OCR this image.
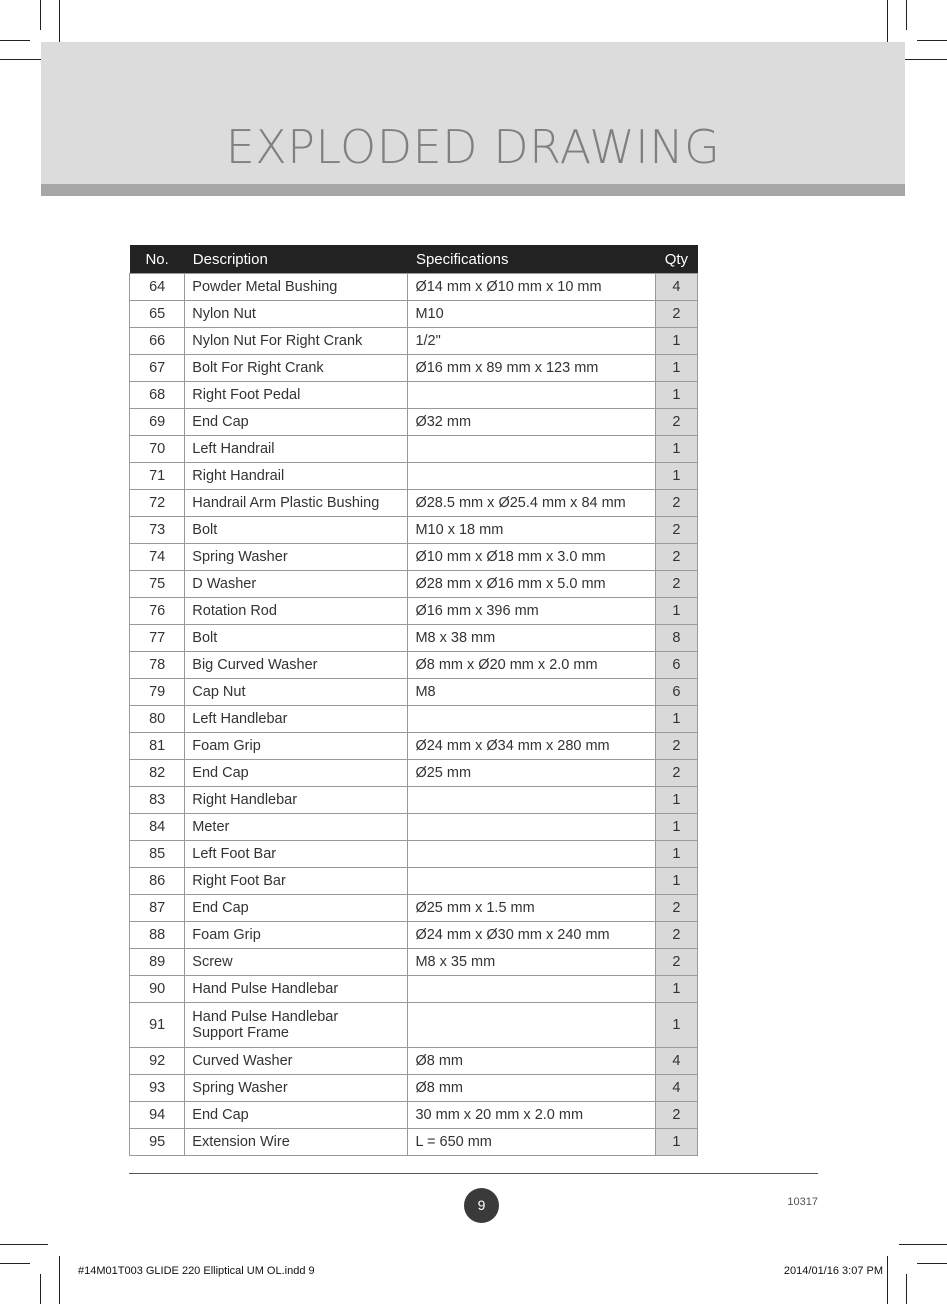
EXPLODED DRAWING
No.	Description	Specifications	Qty
64	Powder Metal Bushing	Ø14 mm x Ø10 mm x 10 mm	4
65	Nylon Nut	M10	2
66	Nylon Nut For Right Crank	1/2"	1
67	Bolt For Right Crank	Ø16 mm x 89 mm x 123 mm	1
68	Right Foot Pedal		1
69	End Cap	Ø32 mm	2
70	Left Handrail		1
71	Right Handrail		1
72	Handrail Arm Plastic Bushing	Ø28.5 mm x Ø25.4 mm x 84 mm	2
73	Bolt	M10 x 18 mm	2
74	Spring Washer	Ø10 mm x Ø18 mm x 3.0 mm	2
75	D Washer	Ø28 mm x Ø16 mm x 5.0 mm	2
76	Rotation Rod	Ø16 mm x 396 mm	1
77	Bolt	M8 x 38 mm	8
78	Big Curved Washer	Ø8 mm x Ø20 mm x 2.0 mm	6
79	Cap Nut	M8	6
80	Left Handlebar		1
81	Foam Grip	Ø24 mm x Ø34 mm x 280 mm	2
82	End Cap	Ø25 mm	2
83	Right Handlebar		1
84	Meter		1
85	Left Foot Bar		1
86	Right Foot Bar		1
87	End Cap	Ø25 mm x 1.5 mm	2
88	Foam Grip	Ø24 mm x Ø30 mm x 240 mm	2
89	Screw	M8 x 35 mm	2
90	Hand Pulse Handlebar		1
91	Hand Pulse Handlebar
Support Frame		1
92	Curved Washer	Ø8 mm	4
93	Spring Washer	Ø8 mm	4
94	End Cap	30 mm x 20 mm x 2.0 mm	2
95	Extension Wire	L = 650 mm	1
9	10317
#14M01T003 GLIDE 220 Elliptical UM OL.indd 9	2014/01/16 3:07 PM
